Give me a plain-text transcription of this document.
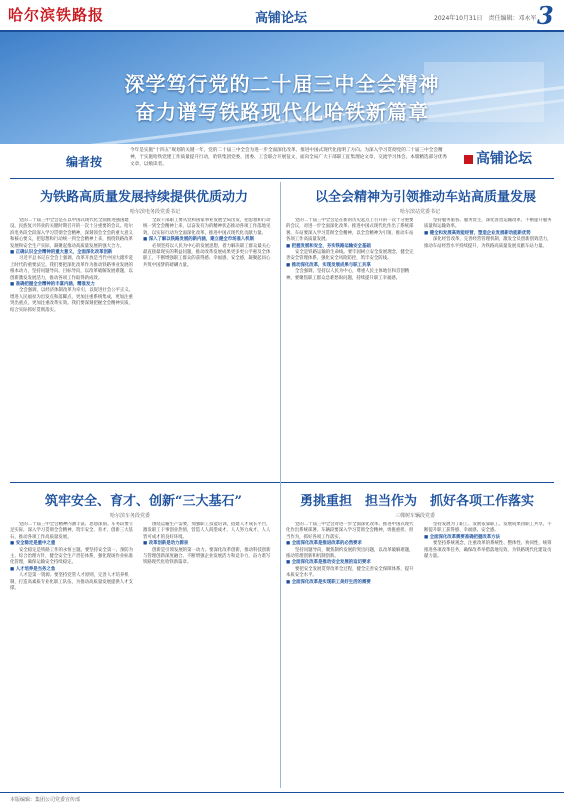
哈尔滨铁路报	高铺论坛	2024年10月31日　责任编辑：邓永军 3
深学笃行党的二十届三中全会精神
奋力谱写铁路现代化哈铁新篇章
编者按
今年是实施“十四五”规划的关键一年，党的二十届三中全会为进一步全面深化改革、推进中国式现代化指明了方向。为深入学习贯彻党的二十届三中全会精神，于实施哈铁党建工作质量提升行动，哈铁集团党委、团委、工会联合开展征文，面向全局广大干部职工征集理论文章，交流学习体会。本版精选部分优秀文章，以飨读者。	高铺论坛
为铁路高质量发展持续提供优质动力
哈尔滨电务段党委书记　

党的二十届三中全会是在以中国式现代化全面推进强国建设、民族复兴伟业的关键时期召开的一次十分重要的会议。哈尔滨电务段全段深入学习贯彻全会精神，深刻领会全会的重大意义和核心要义，把思想和行动统一到全会精神上来，围绕铁路改革发展和安全生产实际，凝聚起推动高质量发展的强大合力。

■ 正确认识全会精神的重大意义，全面深化改革创新

习近平总书记在全会上强调，改革开放是当代中国大踏步赶上时代的重要法宝。我们要把深化改革作为推动铁路事业发展的根本动力，坚持问题导向、目标导向，以改革破解发展难题，以创新激发发展活力，推动各项工作取得新成效。

■ 准确把握全会精神的丰富内涵，精准发力

全会强调，以经济体制改革为牵引，以促进社会公平正义、增进人民福祉为出发点和落脚点，更加注重系统集成，更加注重突出重点，更加注重改革实效。我们要深刻把握全会精神实质，结合实际抓好贯彻落实。

全段干部职工要从党和国家事业发展全局出发，把思想和行动统一到全会精神上来，以奋发有为的精神状态推动各项工作落地见效，以实际行动为全面深化改革、推进中国式现代化贡献力量。

■ 深入了解以铁路发展的新内涵，建立健全市场准入机制

必须坚持以人民为中心的发展思想，着力解决职工群众最关心最直接最现实的利益问题，推动改革发展成果更多更公平惠及全体职工，不断增强职工群众的获得感、幸福感、安全感，凝聚起同心共筑中国梦的磅礴力量。

以全会精神为引领推动车站高质量发展
哈尔滨站党委书记　

党的二十届三中全会是在新的历史起点上召开的一次十分重要的会议，对进一步全面深化改革、推进中国式现代化作出了系统部署。车站要深入学习贯彻全会精神，以全会精神为引领，推动车站各项工作高质量发展。

■ 把握发展和安全，夯实铁路运输安全基础

安全是铁路运输的生命线。要牢固树立安全发展理念，健全完善安全管理体系，强化安全风险防控，筑牢安全防线。

■ 推动深化改革，实现发展成果与职工共享

全会强调，坚持以人民为中心，尊重人民主体地位和首创精神。要聚焦职工群众急难愁盼问题，持续提升职工幸福感。

坚持服务旅客、服务货主，深化客货运输改革，不断提升服务质量和运输效率。

■ 健全和发展高效能经营，塑造企业发展新动能新优势

深化经营改革，完善经营管理机制，激发全员创新创效活力，推动车站经营水平持续提升，为铁路高质量发展贡献车站力量。

筑牢安全、育才、创新“三大基石”
哈尔滨车务段党委　

党的二十届三中全会精神内涵丰富、思想深刻。车务段要立足实际，深入学习贯彻全会精神，筑牢安全、育才、创新三大基石，推动各项工作高质量发展。

■ 安全稳定是重中之重

安全稳定是铁路工作的永恒主题。要坚持安全第一、预防为主、综合治理方针，健全安全生产责任体系，强化现场作业标准化管理，确保运输安全持续稳定。

■ 人才培养是当务之急

人才是第一资源。要坚持党管人才原则，完善人才培养机制，打造高素质专业化职工队伍，为推动高质量发展提供人才支撑。

围绕运输生产需要，加强职工技能培训，搭建人才成长平台，激发职工干事创业热情，营造人人渴望成才、人人努力成才、人人皆可成才的良好环境。

■ 改革创新是动力源泉

创新是引领发展的第一动力。要深化改革创新，推动科技创新与管理创新深度融合，不断增强企业发展活力和竞争力，奋力谱写铁路现代化哈铁新篇章。

勇挑重担　担当作为　抓好各项工作落实
三棵树车辆段党委　

党的二十届三中全会对进一步全面深化改革、推进中国式现代化作出系统部署。车辆段要深入学习贯彻全会精神，勇挑重担、担当作为，抓好各项工作落实。

■ 全面深化改革是推进改革的必然要求

坚持问题导向，聚焦制约发展的突出问题，以改革破解难题，推动管理创新和机制创新。

■ 全面深化改革是推动安全发展的迫切要求

要把安全发展贯穿改革全过程，健全完善安全保障体系，提升本质安全水平。

■ 全面深化改革是实现职工美好生活的需要

坚持发展为了职工、发展依靠职工、发展成果由职工共享，不断提升职工获得感、幸福感、安全感。

■ 全面深化改革需要准确把握改革方法

要坚持系统观念，注重改革的系统性、整体性、协同性，统筹推进各项改革任务，确保改革举措落地见效，为铁路现代化建设贡献力量。

本版编辑：集团公司党委宣传部
